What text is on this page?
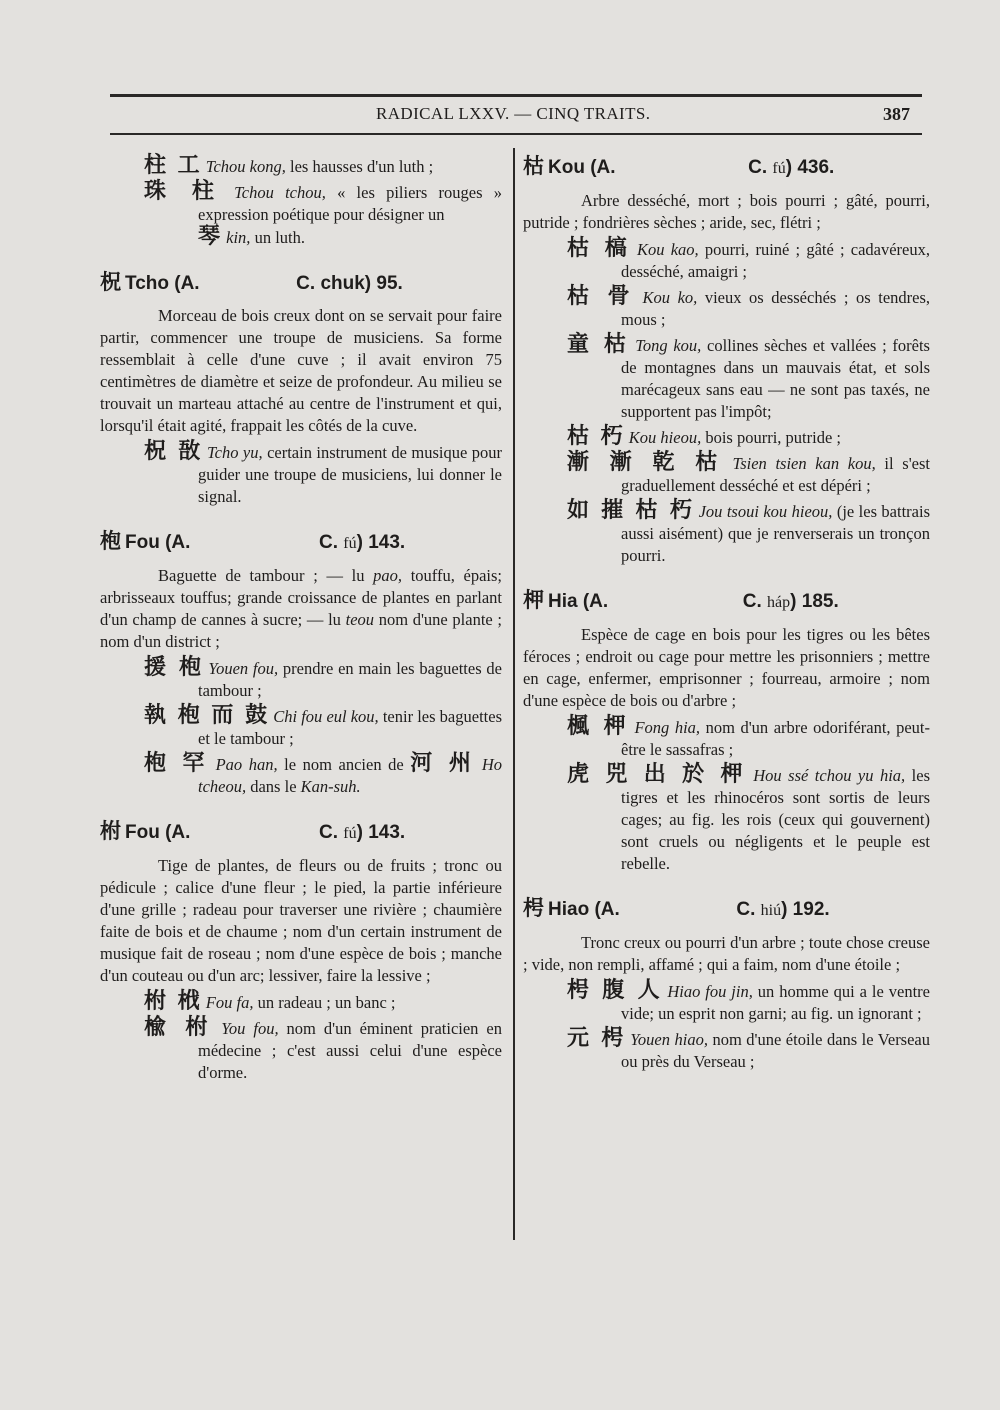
RADICAL LXXV. — CINQ TRAITS.	387

柱 工 Tchou kong, les hausses d'un luth ;

珠 柱 Tchou tchou, « les piliers rouges » expression poétique pour désigner un
琴 kin, un luth.

柷 Tcho (A.	C. chuk) 95.

Morceau de bois creux dont on se servait pour faire partir, commencer une troupe de musiciens. Sa forme ressemblait à celle d'une cuve ; il avait environ 75 centimètres de diamètre et seize de profondeur. Au milieu se trouvait un marteau attaché au centre de l'instrument et qui, lorsqu'il était agité, frappait les côtés de la cuve.

柷 敔 Tcho yu, certain instrument de musique pour guider une troupe de musiciens, lui donner le signal.

枹 Fou (A.	C. fú) 143.

Baguette de tambour ; — lu pao, touffu, épais; arbrisseaux touffus; grande croissance de plantes en parlant d'un champ de cannes à sucre; — lu teou nom d'une plante ; nom d'un district ;

援 枹 Youen fou, prendre en main les baguettes de tambour ;

執 枹 而 鼓 Chi fou eul kou, tenir les baguettes et le tambour ;

枹 罕 Pao han, le nom ancien de 河 州 Ho tcheou, dans le Kan-suh.

柎 Fou (A.	C. fú) 143.

Tige de plantes, de fleurs ou de fruits ; tronc ou pédicule ; calice d'une fleur ; le pied, la partie inférieure d'une grille ; radeau pour traverser une rivière ; chaumière faite de bois et de chaume ; nom d'un certain instrument de musique fait de roseau ; nom d'une espèce de bois ; manche d'un couteau ou d'un arc; lessiver, faire la lessive ;

柎 栰 Fou fa, un radeau ; un banc ;

楡 柎 You fou, nom d'un éminent praticien en médecine ; c'est aussi celui d'une espèce d'orme.

枯 Kou (A.	C. fú) 436.

Arbre desséché, mort ; bois pourri ; gâté, pourri, putride ; fondrières sèches ; aride, sec, flétri ;

枯 槁 Kou kao, pourri, ruiné ; gâté ; cadavéreux, desséché, amaigri ;

枯 骨 Kou ko, vieux os desséchés ; os tendres, mous ;

童 枯 Tong kou, collines sèches et vallées ; forêts de montagnes dans un mauvais état, et sols marécageux sans eau — ne sont pas taxés, ne supportent pas l'impôt;

枯 朽 Kou hieou, bois pourri, putride ;

漸 漸 乾 枯 Tsien tsien kan kou, il s'est graduellement desséché et est dépéri ;

如 摧 枯 朽 Jou tsoui kou hieou, (je les battrais aussi aisément) que je renverserais un tronçon pourri.

柙 Hia (A.	C. háp) 185.

Espèce de cage en bois pour les tigres ou les bêtes féroces ; endroit ou cage pour mettre les prisonniers ; mettre en cage, enfermer, emprisonner ; fourreau, armoire ; nom d'une espèce de bois ou d'arbre ;

楓 柙 Fong hia, nom d'un arbre odoriférant, peut-être le sassafras ;

虎 兕 出 於 柙 Hou ssé tchou yu hia, les tigres et les rhinocéros sont sortis de leurs cages; au fig. les rois (ceux qui gouvernent) sont cruels ou négligents et le peuple est rebelle.

枵 Hiao (A.	C. hiú) 192.

Tronc creux ou pourri d'un arbre ; toute chose creuse ; vide, non rempli, affamé ; qui a faim, nom d'une étoile ;

枵 腹 人 Hiao fou jin, un homme qui a le ventre vide; un esprit non garni; au fig. un ignorant ;

元 枵 Youen hiao, nom d'une étoile dans le Verseau ou près du Verseau ;
